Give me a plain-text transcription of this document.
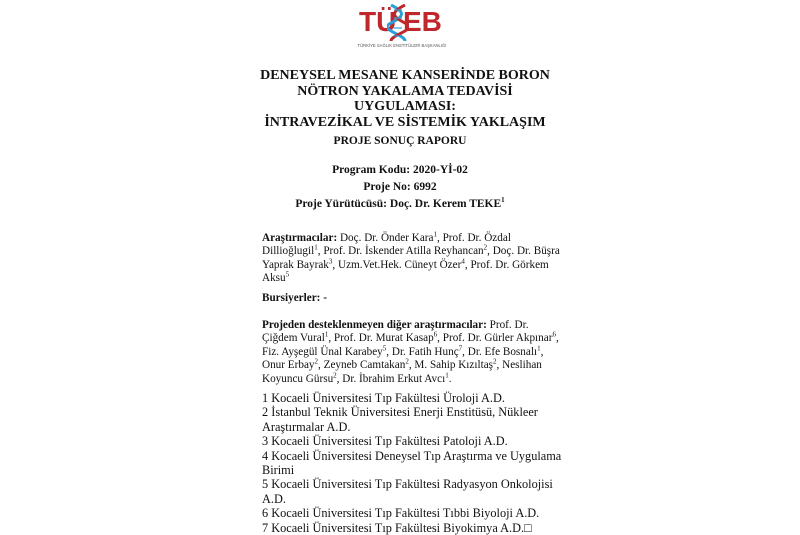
TÜ EB
TÜRKİYE SAĞLIK ENSTİTÜLERİ BAŞKANLIĞI
DENEYSEL MESANE KANSERİNDE BORON
NÖTRON YAKALAMA TEDAVİSİ
UYGULAMASI:
İNTRAVEZİKAL VE SİSTEMİK YAKLAŞIM
PROJE SONUÇ RAPORU
Program Kodu: 2020-Yİ-02
Proje No: 6992
Proje Yürütücüsü: Doç. Dr. Kerem TEKE$^1$
Araştırmacılar: Doç. Dr. Önder Kara$^1$, Prof. Dr. Özdal Dillioğlugil$^1$, Prof. Dr. İskender Atilla Reyhancan$^2$, Doç. Dr. Büşra Yaprak Bayrak$^3$, Uzm.Vet.Hek. Cüneyt Özer$^4$, Prof. Dr. Görkem Aksu$^5$
Bursiyerler: -
Projeden desteklenmeyen diğer araştırmacılar: Prof. Dr. Çiğdem Vural$^1$, Prof. Dr. Murat Kasap$^6$, Prof. Dr. Gürler Akpınar$^6$, Fiz. Ayşegül Ünal Karabey$^5$, Dr. Fatih Hunç$^7$, Dr. Efe Bosnalı$^1$, Onur Erbay$^2$, Zeyneb Camtakan$^2$, M. Sahip Kızıltaş$^2$, Neslihan Koyuncu Gürsu$^2$, Dr. İbrahim Erkut Avcı$^1$.
1 Kocaeli Üniversitesi Tıp Fakültesi Üroloji A.D.
2 İstanbul Teknik Üniversitesi Enerji Enstitüsü, Nükleer Araştırmalar A.D.
3 Kocaeli Üniversitesi Tıp Fakültesi Patoloji A.D.
4 Kocaeli Üniversitesi Deneysel Tıp Araştırma ve Uygulama Birimi
5 Kocaeli Üniversitesi Tıp Fakültesi Radyasyon Onkolojisi A.D.
6 Kocaeli Üniversitesi Tıp Fakültesi Tıbbi Biyoloji A.D.
7 Kocaeli Üniversitesi Tıp Fakültesi Biyokimya A.D.□
